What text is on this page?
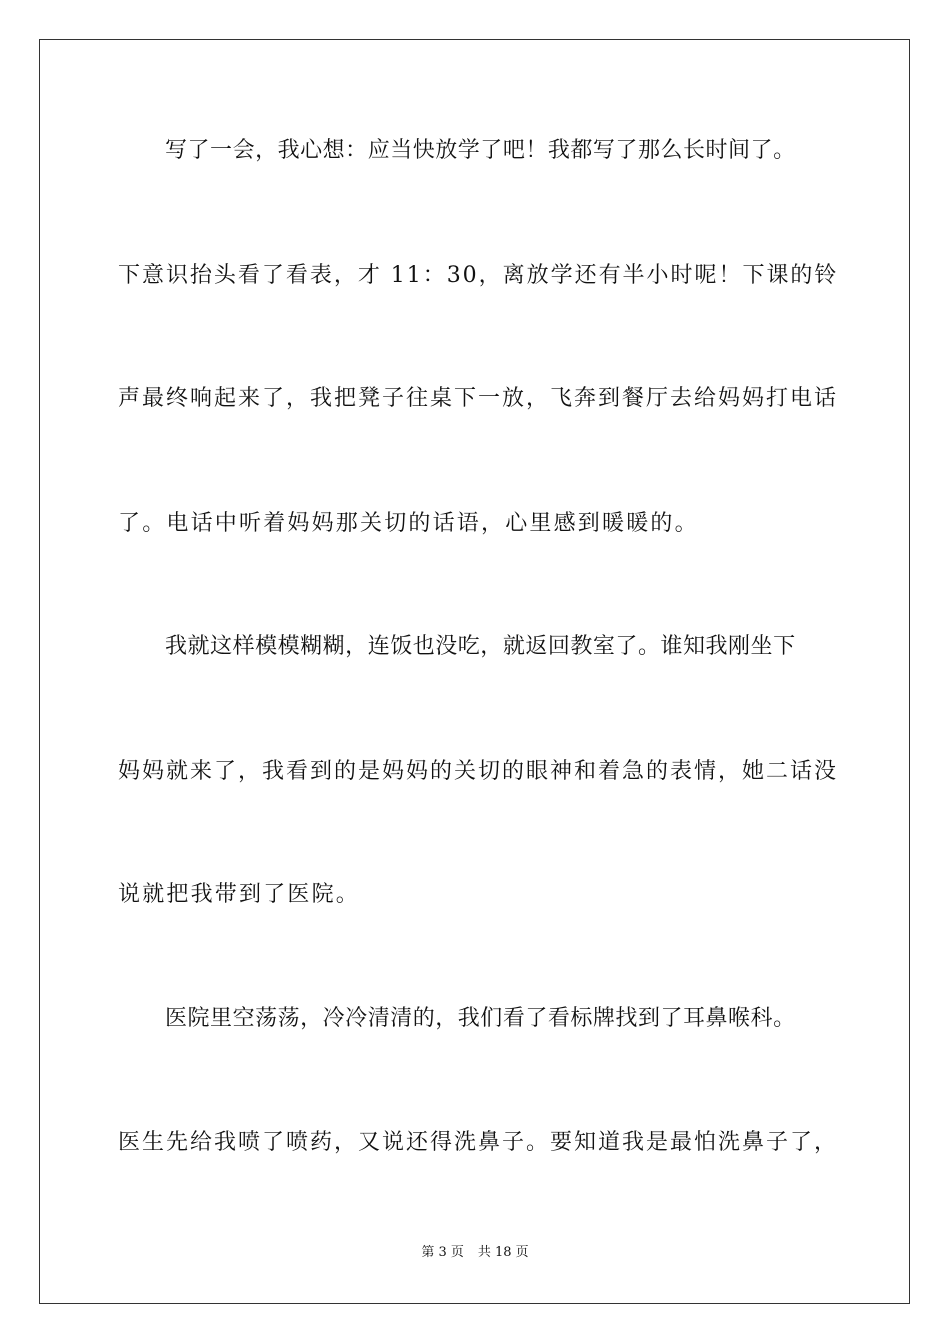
写了一会，我心想：应当快放学了吧！我都写了那么长时间了。
下意识抬头看了看表，才 11：30，离放学还有半小时呢！下课的铃
声最终响起来了，我把凳子往桌下一放，飞奔到餐厅去给妈妈打电话
了。电话中听着妈妈那关切的话语，心里感到暖暖的。
我就这样模模糊糊，连饭也没吃，就返回教室了。谁知我刚坐下
妈妈就来了，我看到的是妈妈的关切的眼神和着急的表情，她二话没
说就把我带到了医院。
医院里空荡荡，冷冷清清的，我们看了看标牌找到了耳鼻喉科。
医生先给我喷了喷药，又说还得洗鼻子。要知道我是最怕洗鼻子了，
第 3 页 共 18 页
